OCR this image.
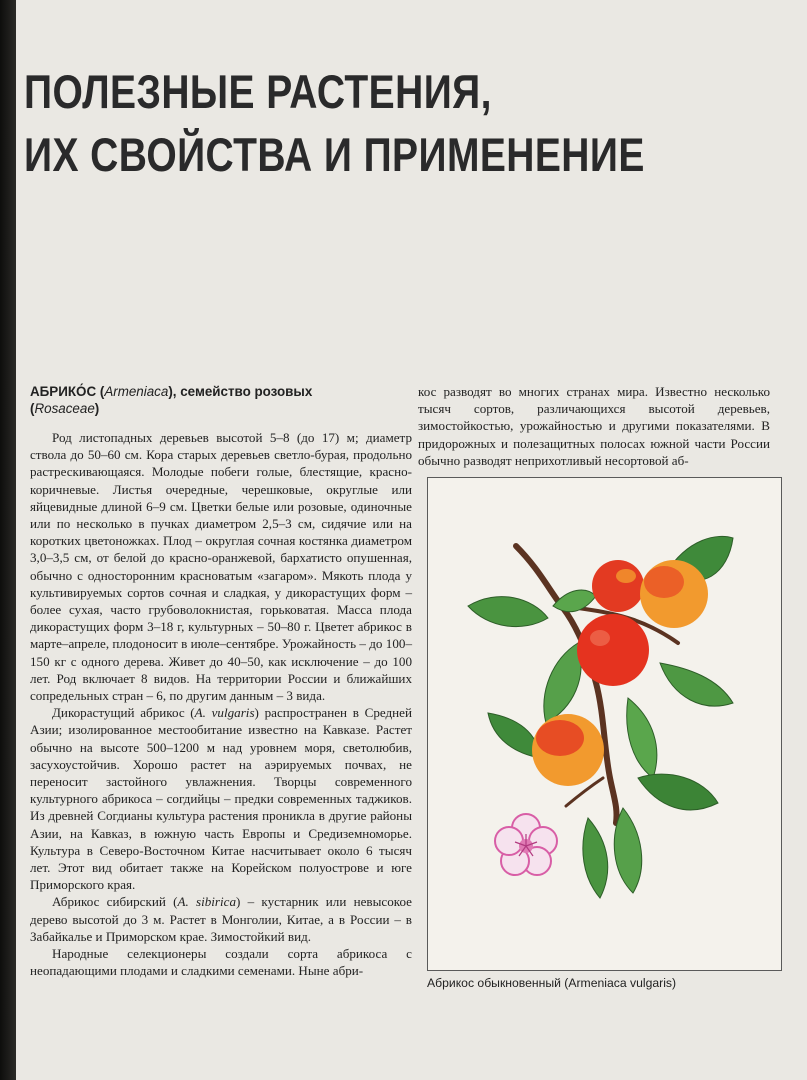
ПОЛЕЗНЫЕ РАСТЕНИЯ,
ИХ СВОЙСТВА И ПРИМЕНЕНИЕ
АБРИКО́С (Armeniaca), семейство розовых
(Rosaceae)

Род листопадных деревьев высотой 5–8 (до 17) м; диаметр ствола до 50–60 см. Кора старых деревьев светло-бурая, продольно растрескивающаяся. Молодые побеги голые, блестящие, красно-коричневые. Листья очередные, черешковые, округлые или яйцевидные длиной 6–9 см. Цветки белые или розовые, одиночные или по несколько в пучках диаметром 2,5–3 см, сидячие или на коротких цветоножках. Плод – округлая сочная костянка диаметром 3,0–3,5 см, от белой до красно-оранжевой, бархатисто опушенная, обычно с односторонним красноватым «загаром». Мякоть плода у культивируемых сортов сочная и сладкая, у дикорастущих форм – более сухая, часто грубоволокнистая, горьковатая. Масса плода дикорастущих форм 3–18 г, культурных – 50–80 г. Цветет абрикос в марте–апреле, плодоносит в июле–сентябре. Урожайность – до 100–150 кг с одного дерева. Живет до 40–50, как исключение – до 100 лет. Род включает 8 видов. На территории России и ближайших сопредельных стран – 6, по другим данным – 3 вида.

Дикорастущий абрикос (A. vulgaris) распространен в Средней Азии; изолированное местообитание известно на Кавказе. Растет обычно на высоте 500–1200 м над уровнем моря, светолюбив, засухоустойчив. Хорошо растет на аэрируемых почвах, не переносит застойного увлажнения. Творцы современного культурного абрикоса – согдийцы – предки современных таджиков. Из древней Согдианы культура растения проникла в другие районы Азии, на Кавказ, в южную часть Европы и Средиземноморье. Культура в Северо-Восточном Китае насчитывает около 6 тысяч лет. Этот вид обитает также на Корейском полуострове и юге Приморского края.

Абрикос сибирский (A. sibirica) – кустарник или невысокое дерево высотой до 3 м. Растет в Монголии, Китае, а в России – в Забайкалье и Приморском крае. Зимостойкий вид.

Народные селекционеры создали сорта абрикоса с неопадающими плодами и сладкими семенами. Ныне абри-

кос разводят во многих странах мира. Известно несколько тысяч сортов, различающихся высотой деревьев, зимостойкостью, урожайностью и другими показателями. В придорожных и полезащитных полосах южной части России обычно разводят неприхотливый несортовой аб-

Абрикос обыкновенный (Armeniaca vulgaris)
